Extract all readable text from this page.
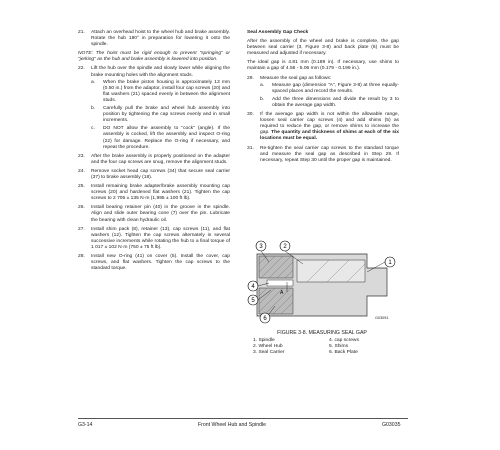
21. Attach an overhead hoist to the wheel hub and brake assembly. Rotate the hub 180° in preparation for lowering it onto the spindle.
NOTE: The hoist must be rigid enough to prevent "springing" or "jerking" as the hub and brake assembly is lowered into position.
22. Lift the hub over the spindle and slowly lower while aligning the brake mounting holes with the alignment studs.
a. When the brake piston housing is approximately 13 mm (0.50 in.) from the adaptor, install four cap screws (20) and flat washers (21) spaced evenly in between the alignment studs.
b. Carefully pull the brake and wheel hub assembly into position by tightening the cap screws evenly and in small increments.
c. DO NOT allow the assembly to "cock" (angle). If the assembly is cocked, lift the assembly and inspect O-ring (22) for damage. Replace the O-ring if necessary, and repeat the procedure.
23. After the brake assembly is properly positioned on the adapter and the four cap screws are snug, remove the alignment studs.
24. Remove socket head cap screws (34) that secure seal carrier (37) to brake assembly (18).
25. Install remaining brake adapter/brake assembly mounting cap screws (20) and hardened flat washers (21). Tighten the cap screws to 2 705 ± 135 N·m (1,995 ± 100 ft lb).
26. Install bearing retainer pin (40) in the groove in the spindle. Align and slide outer bearing cone (7) over the pin. Lubricate the bearing with clean hydraulic oil.
27. Install shim pack (8), retainer (13), cap screws (11), and flat washers (12). Tighten the cap screws alternately in several successive increments while rotating the hub to a final torque of 1 017 ± 102 N·m (750 ± 75 ft lb).
28. Install new O-ring (41) on cover (5). Install the cover, cap screws, and flat washers. Tighten the cap screws to the standard torque.
Seal Assembly Gap Check
After the assembly of the wheel and brake is complete, the gap between seal carrier (3, Figure 3-8) and back plate (6) must be measured and adjusted if necessary.
The ideal gap is 4.81 mm (0.189 in). If necessary, use shims to maintain a gap of 4.56 - 5.06 mm (0.179 - 0.199 in.).
29. Measure the seal gap as follows:
a. Measure gap (dimension "A", Figure 3-8) at three equally-spaced places and record the results.
b. Add the three dimensions and divide the result by 3 to obtain the average gap width.
30. If the average gap width is not within the allowable range, loosen seal carrier cap screws (4) and add shims (5) as required to reduce the gap, or remove shims to increase the gap. The quantity and thickness of shims at each of the six locations must be equal.
31. Re-tighten the seal carrier cap screws to the standard torque and measure the seal gap as described in Step 29. If necessary, repeat Step 30 until the proper gap is maintained.
A
3	2
1
4
5
6	G03091
FIGURE 3-8. MEASURING SEAL GAP
1. Spindle	4. cap screws
2. Wheel Hub	5. Shims
3. Seal Carrier	6. Back Plate
G3-14	Front Wheel Hub and Spindle	G03035
